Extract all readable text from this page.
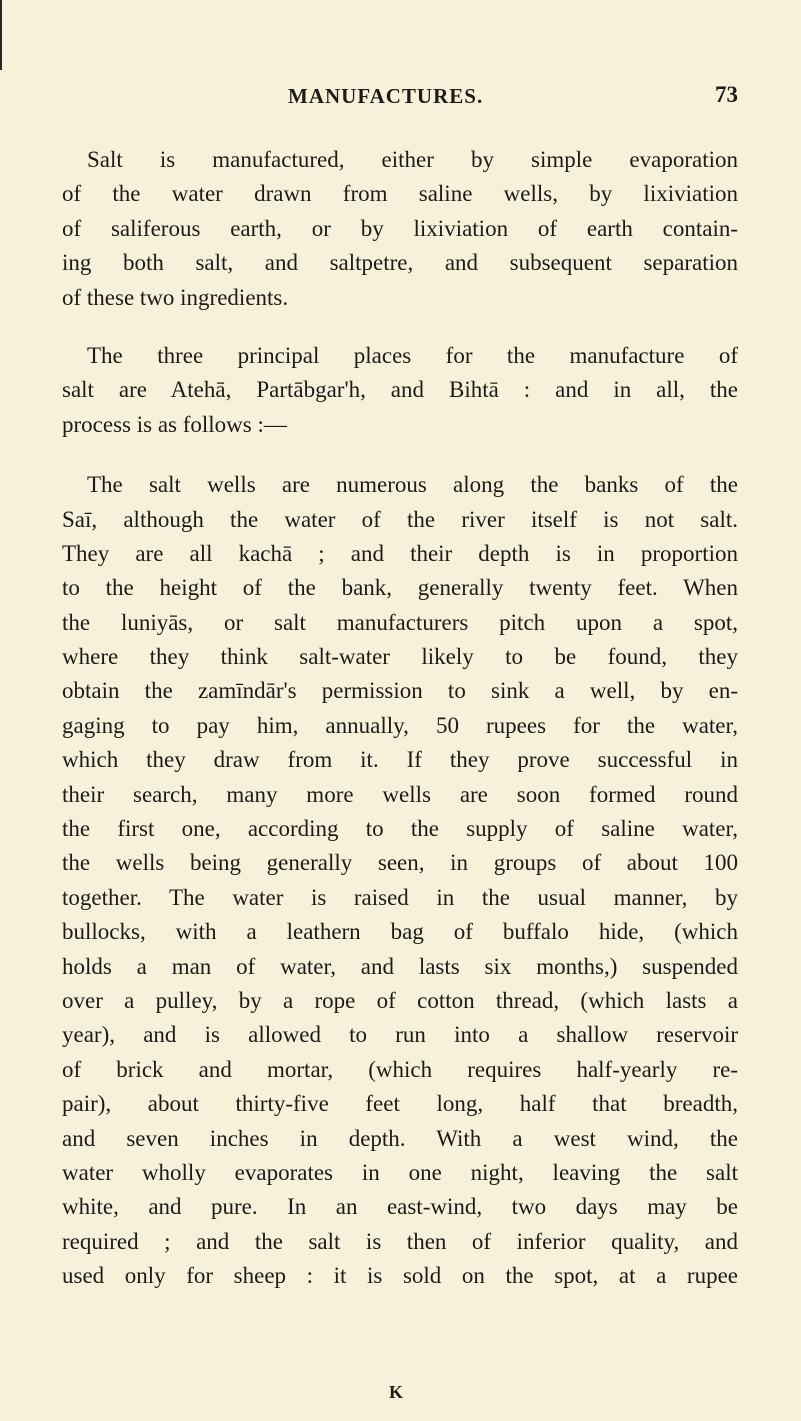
MANUFACTURES.	73
Salt is manufactured, either by simple evaporation
of the water drawn from saline wells, by lixiviation
of saliferous earth, or by lixiviation of earth contain-
ing both salt, and saltpetre, and subsequent separation
of these two ingredients.
The three principal places for the manufacture of
salt are Atehā, Partābgar'h, and Bihtā : and in all, the
process is as follows :—
The salt wells are numerous along the banks of the
Saī, although the water of the river itself is not salt.
They are all kachā ; and their depth is in proportion
to the height of the bank, generally twenty feet. When
the luniyās, or salt manufacturers pitch upon a spot,
where they think salt-water likely to be found, they
obtain the zamīndār's permission to sink a well, by en-
gaging to pay him, annually, 50 rupees for the water,
which they draw from it. If they prove successful in
their search, many more wells are soon formed round
the first one, according to the supply of saline water,
the wells being generally seen, in groups of about 100
together. The water is raised in the usual manner, by
bullocks, with a leathern bag of buffalo hide, (which
holds a man of water, and lasts six months,) suspended
over a pulley, by a rope of cotton thread, (which lasts a
year), and is allowed to run into a shallow reservoir
of brick and mortar, (which requires half-yearly re-
pair), about thirty-five feet long, half that breadth,
and seven inches in depth. With a west wind, the
water wholly evaporates in one night, leaving the salt
white, and pure. In an east-wind, two days may be
required ; and the salt is then of inferior quality, and
used only for sheep : it is sold on the spot, at a rupee
K
